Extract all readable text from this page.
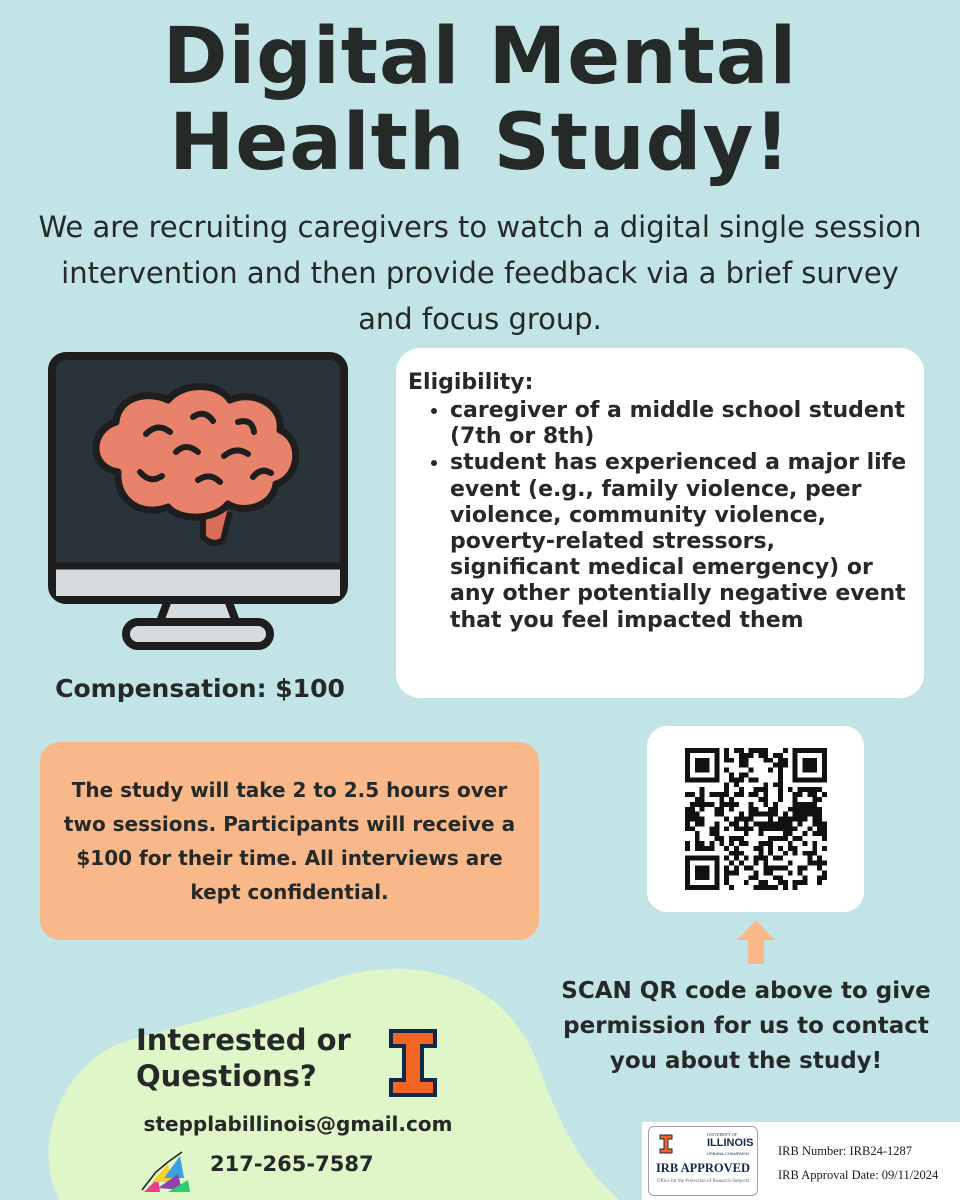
Digital Mental
Health Study!

We are recruiting caregivers to watch a digital single session intervention and then provide feedback via a brief survey and focus group.

Compensation: $100

Eligibility:

• caregiver of a middle school student (7th or 8th)
• student has experienced a major life event (e.g., family violence, peer violence, community violence, poverty-related stressors, significant medical emergency) or any other potentially negative event that you feel impacted them

The study will take 2 to 2.5 hours over two sessions. Participants will receive a $100 for their time. All interviews are kept confidential.

SCAN QR code above to give permission for us to contact you about the study!

Interested or
Questions?

stepplabillinois@gmail.com

217-265-7587

UNIVERSITY OF

ILLINOIS

URBANA-CHAMPAIGN

IRB APPROVED

Office for the Protection of Research Subjects

IRB Number: IRB24-1287

IRB Approval Date: 09/11/2024
